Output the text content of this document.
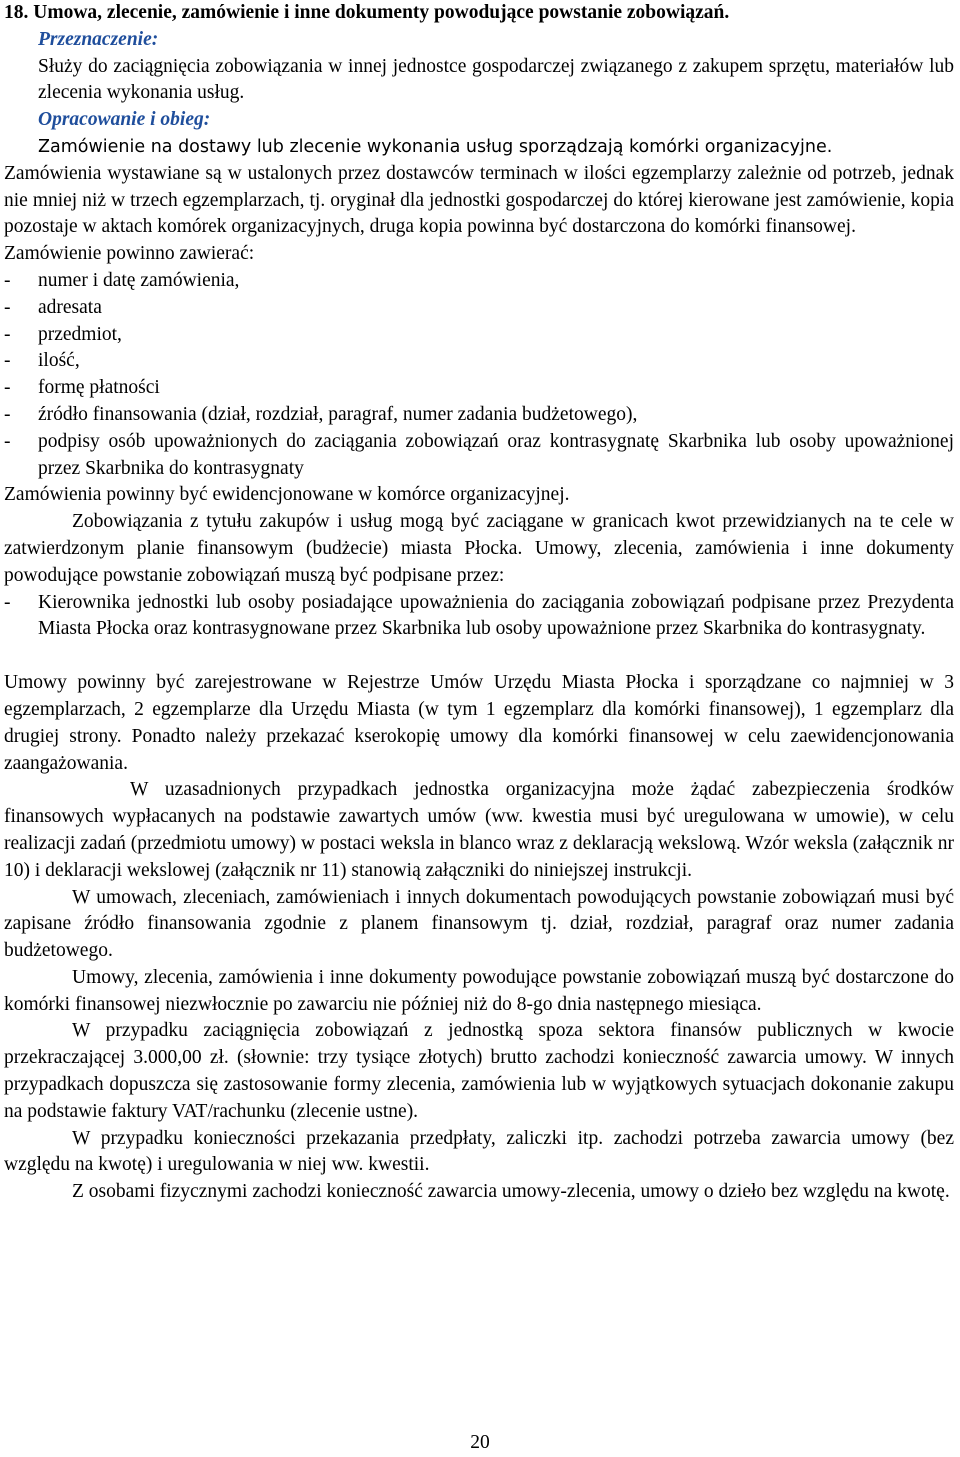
18. Umowa, zlecenie, zamówienie i inne dokumenty powodujące powstanie zobowiązań.

Przeznaczenie:

Służy do zaciągnięcia zobowiązania w innej jednostce gospodarczej związanego z zakupem sprzętu, materiałów lub zlecenia wykonania usług.

Opracowanie i obieg:

Zamówienie na dostawy lub zlecenie wykonania usług sporządzają komórki organizacyjne.

Zamówienia wystawiane są w ustalonych przez dostawców terminach w ilości egzemplarzy zależnie od potrzeb, jednak nie mniej niż w trzech egzemplarzach, tj. oryginał dla jednostki gospodarczej do której kierowane jest zamówienie, kopia pozostaje w aktach komórek organizacyjnych, druga kopia powinna być dostarczona do komórki finansowej.

Zamówienie powinno zawierać:

- numer i datę zamówienia,
- adresata
- przedmiot,
- ilość,
- formę płatności
- źródło finansowania (dział, rozdział, paragraf, numer zadania budżetowego),
- podpisy osób upoważnionych do zaciągania zobowiązań oraz kontrasygnatę Skarbnika lub osoby upoważnionej przez Skarbnika do kontrasygnaty

Zamówienia powinny być ewidencjonowane w komórce organizacyjnej.

Zobowiązania z tytułu zakupów i usług mogą być zaciągane w granicach kwot przewidzianych na te cele w zatwierdzonym planie finansowym (budżecie) miasta Płocka. Umowy, zlecenia, zamówienia i inne dokumenty powodujące powstanie zobowiązań muszą być podpisane przez:

- Kierownika jednostki lub osoby posiadające upoważnienia do zaciągania zobowiązań podpisane przez Prezydenta Miasta Płocka oraz kontrasygnowane przez Skarbnika lub osoby upoważnione przez Skarbnika do kontrasygnaty.

Umowy powinny być zarejestrowane w Rejestrze Umów Urzędu Miasta Płocka i sporządzane co najmniej w 3 egzemplarzach, 2 egzemplarze dla Urzędu Miasta (w tym 1 egzemplarz dla komórki finansowej), 1 egzemplarz dla drugiej strony. Ponadto należy przekazać kserokopię umowy dla komórki finansowej w celu zaewidencjonowania zaangażowania.

W uzasadnionych przypadkach jednostka organizacyjna może żądać zabezpieczenia środków finansowych wypłacanych na podstawie zawartych umów (ww. kwestia musi być uregulowana w umowie), w celu realizacji zadań (przedmiotu umowy) w postaci weksla in blanco wraz z deklaracją wekslową. Wzór weksla (załącznik nr 10) i deklaracji wekslowej (załącznik nr 11) stanowią załączniki do niniejszej instrukcji.

W umowach, zleceniach, zamówieniach i innych dokumentach powodujących powstanie zobowiązań musi być zapisane źródło finansowania zgodnie z planem finansowym tj. dział, rozdział, paragraf oraz numer zadania budżetowego.

Umowy, zlecenia, zamówienia i inne dokumenty powodujące powstanie zobowiązań muszą być dostarczone do komórki finansowej niezwłocznie po zawarciu nie później niż do 8-go dnia następnego miesiąca.

W przypadku zaciągnięcia zobowiązań z jednostką spoza sektora finansów publicznych w kwocie przekraczającej 3.000,00 zł. (słownie: trzy tysiące złotych) brutto zachodzi konieczność zawarcia umowy. W innych przypadkach dopuszcza się zastosowanie formy zlecenia, zamówienia lub w wyjątkowych sytuacjach dokonanie zakupu na podstawie faktury VAT/rachunku (zlecenie ustne).

W przypadku konieczności przekazania przedpłaty, zaliczki itp. zachodzi potrzeba zawarcia umowy (bez względu na kwotę) i uregulowania w niej ww. kwestii.

Z osobami fizycznymi zachodzi konieczność zawarcia umowy-zlecenia, umowy o dzieło bez względu na kwotę.

20
